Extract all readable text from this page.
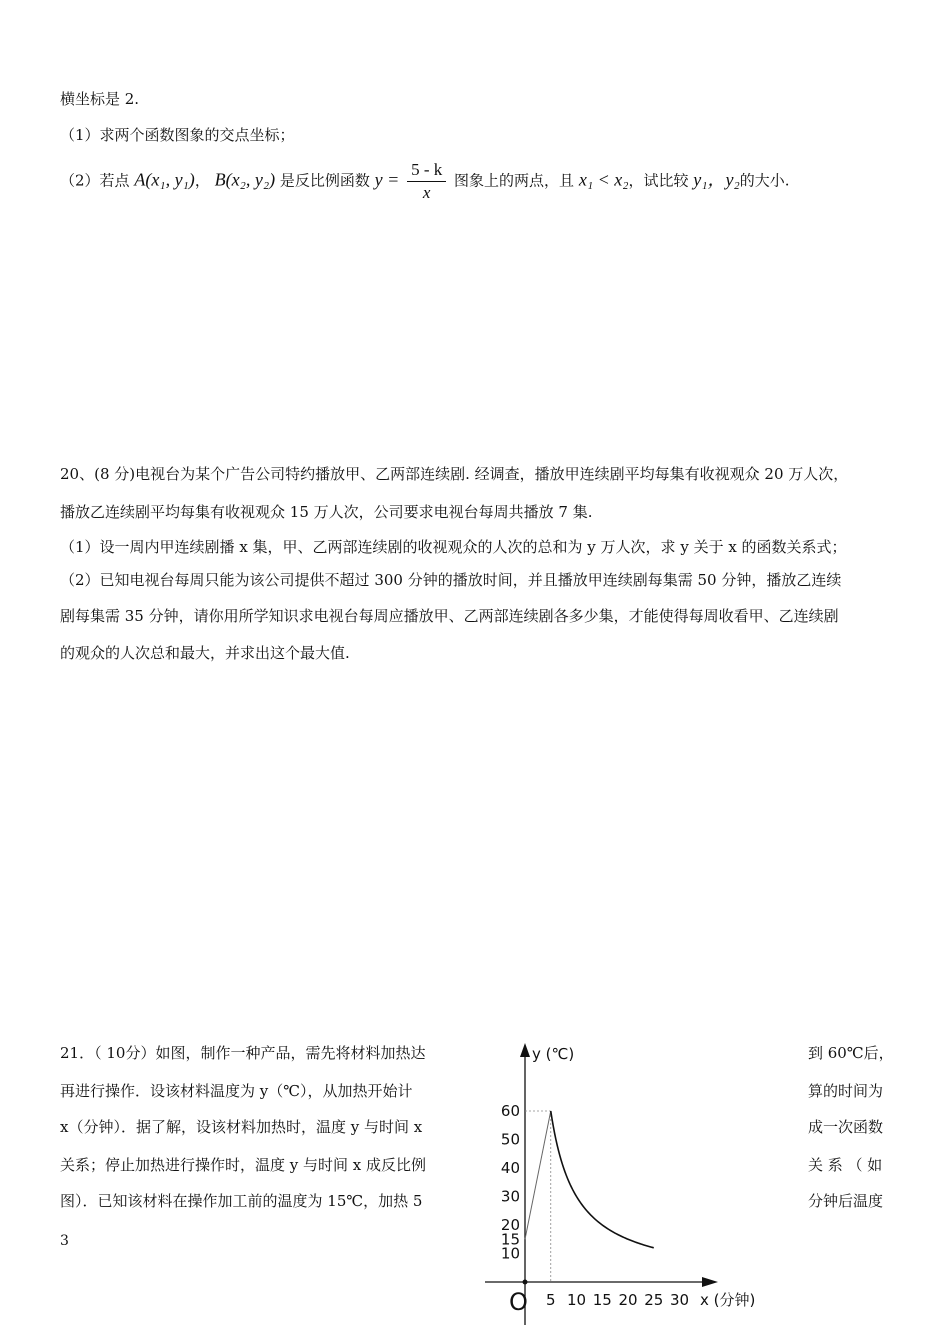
横坐标是 2.
（1）求两个函数图象的交点坐标；
（2）若点 A(x₁, y₁)， B(x₂, y₂) 是反比例函数 $y = \frac{5 - k}{x}$ 图象上的两点，且 x₁ < x₂，试比较 y₁，y₂的大小.
20、(8 分)电视台为某个广告公司特约播放甲、乙两部连续剧. 经调查，播放甲连续剧平均每集有收视观众 20 万人次，
播放乙连续剧平均每集有收视观众 15 万人次，公司要求电视台每周共播放 7 集.
（1）设一周内甲连续剧播 x 集，甲、乙两部连续剧的收视观众的人次的总和为 y 万人次，求 y 关于 x 的函数关系式；
（2）已知电视台每周只能为该公司提供不超过 300 分钟的播放时间，并且播放甲连续剧每集需 50 分钟，播放乙连续
剧每集需 35 分钟，请你用所学知识求电视台每周应播放甲、乙两部连续剧各多少集，才能使得每周收看甲、乙连续剧
的观众的人次总和最大，并求出这个最大值.
21．（ 10分）如图，制作一种产品，需先将材料加热达
再进行操作．设该材料温度为 y（℃），从加热开始计
x（分钟）．据了解，设该材料加热时，温度 y 与时间 x
关系；停止加热进行操作时，温度 y 与时间 x 成反比例
图）．已知该材料在操作加工前的温度为 15℃，加热 5
到 60℃后，
算的时间为
成一次函数
关 系 （ 如
分钟后温度
3
y (℃)
x (分钟)
O 5 10 15 20 25 30
10
15
20
30
40
50
60
